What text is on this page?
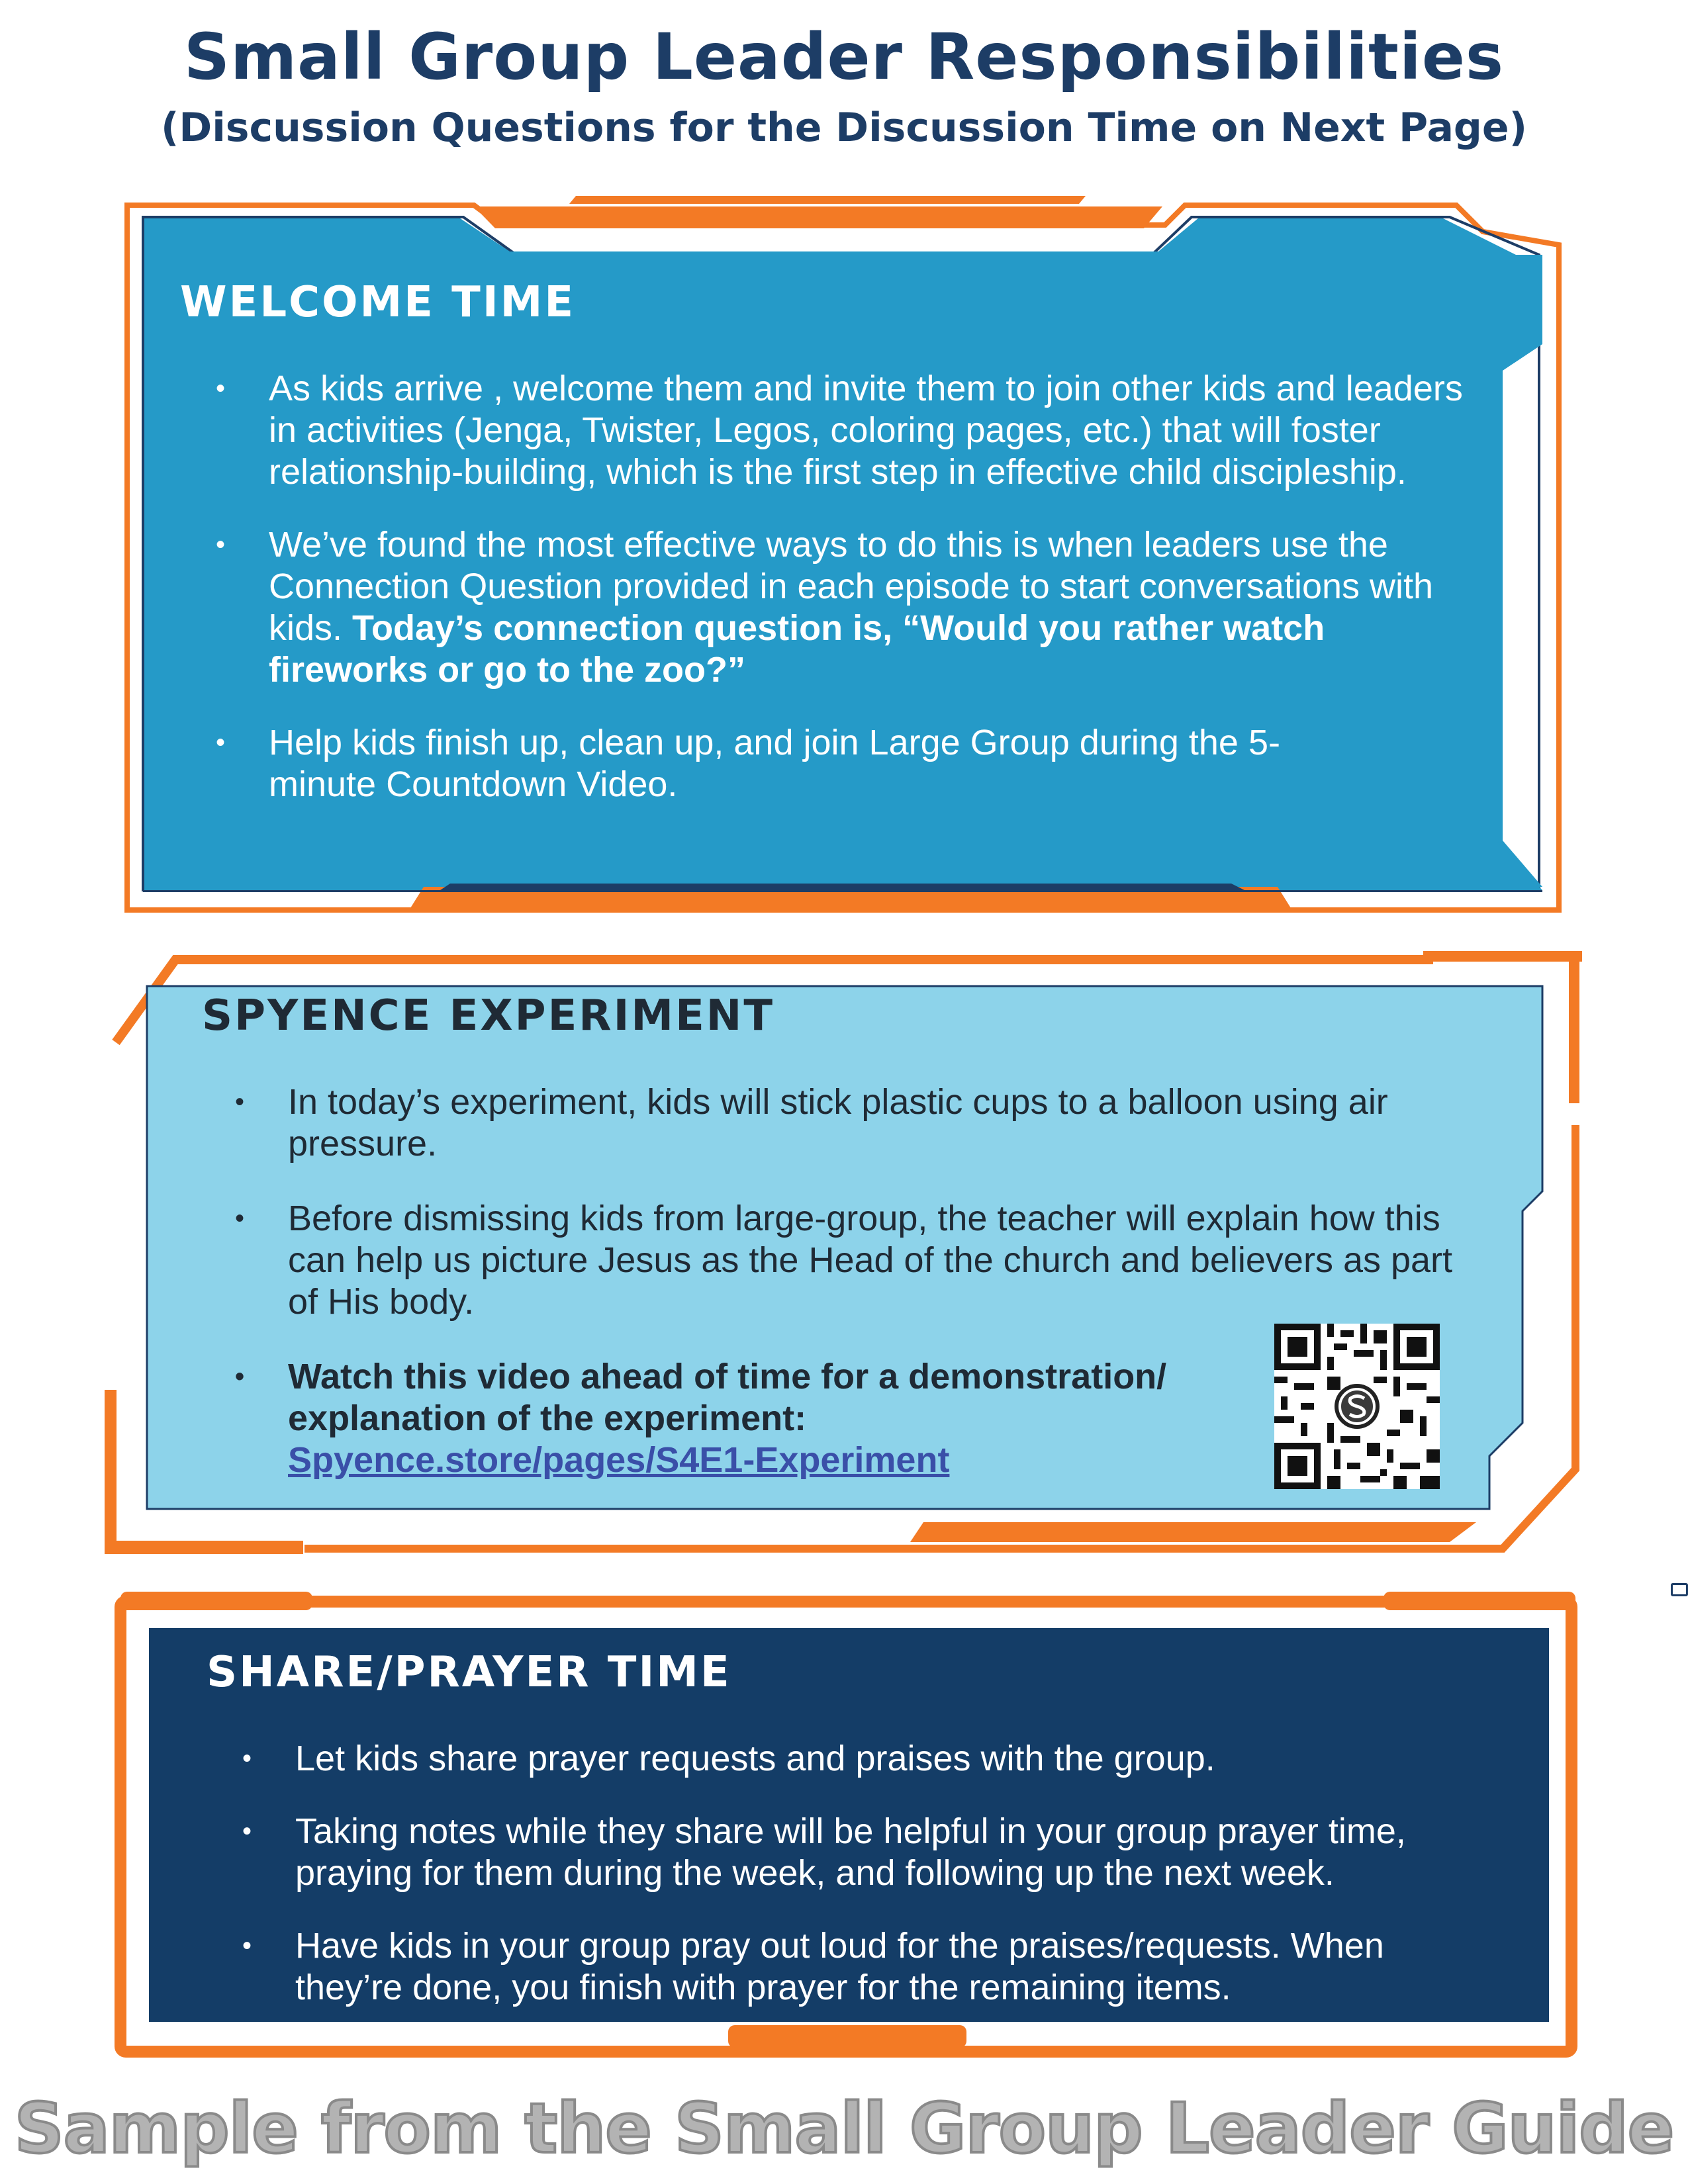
Small Group Leader Responsibilities
(Discussion Questions for the Discussion Time on Next Page)
WELCOME TIME
• As kids arrive , welcome them and invite them to join other kids and leaders in activities (Jenga, Twister, Legos, coloring pages, etc.) that will foster relationship-building, which is the first step in effective child discipleship.
• We’ve found the most effective ways to do this is when leaders use the Connection Question provided in each episode to start conversations with kids. Today’s connection question is, “Would you rather watch fireworks or go to the zoo?”
• Help kids finish up, clean up, and join Large Group during the 5-minute Countdown Video.
SPYENCE EXPERIMENT
• In today’s experiment, kids will stick plastic cups to a balloon using air pressure.
• Before dismissing kids from large-group, the teacher will explain how this can help us picture Jesus as the Head of the church and believers as part of His body.
• Watch this video ahead of time for a demonstration/ explanation of the experiment:
Spyence.store/pages/S4E1-Experiment
SHARE/PRAYER TIME
• Let kids share prayer requests and praises with the group.
• Taking notes while they share will be helpful in your group prayer time, praying for them during the week, and following up the next week.
• Have kids in your group pray out loud for the praises/requests. When they’re done, you finish with prayer for the remaining items.
Sample from the Small Group Leader Guide
